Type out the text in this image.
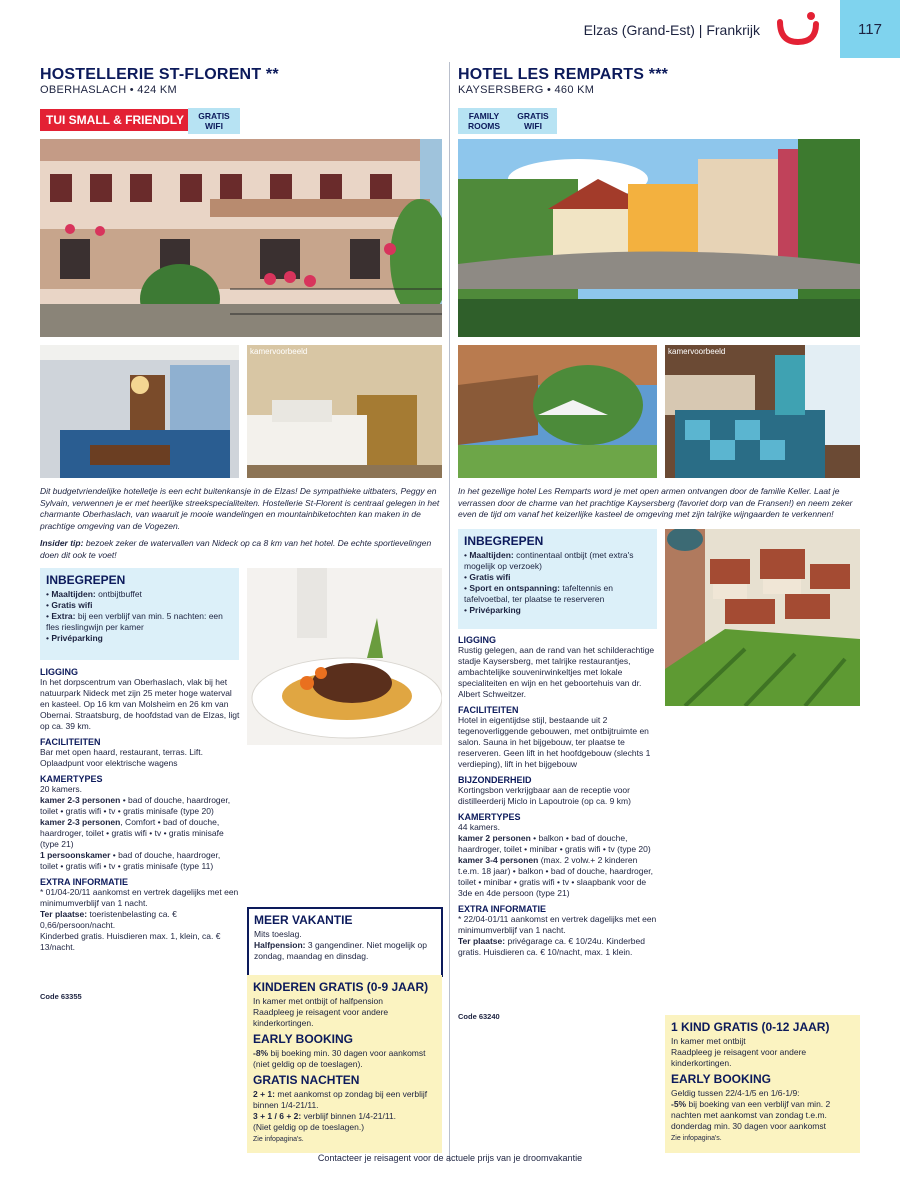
Elzas (Grand-Est) | Frankrijk	117
HOSTELLERIE ST-FLORENT **
OBERHASLACH • 424 KM
TUI SMALL & FRIENDLY	GRATIS WIFI
kamervoorbeeld
Dit budgetvriendelijke hotelletje is een echt buitenkansje in de Elzas! De sympathieke uitbaters, Peggy en Sylvain, verwennen je er met heerlijke streekspecialiteiten. Hostellerie St-Florent is centraal gelegen in het charmante Oberhaslach, van waaruit je mooie wandelingen en mountainbiketochten kan maken in de prachtige omgeving van de Vogezen.
Insider tip: bezoek zeker de watervallen van Nideck op ca 8 km van het hotel. De echte sportievelingen doen dit ook te voet!
INBEGREPEN
• Maaltijden: ontbijtbuffet
• Gratis wifi
• Extra: bij een verblijf van min. 5 nachten: een fles rieslingwijn per kamer
• Privéparking
LIGGING
In het dorpscentrum van Oberhaslach, vlak bij het natuurpark Nideck met zijn 25 meter hoge waterval en kasteel. Op 16 km van Molsheim en 26 km van Obernai. Straatsburg, de hoofdstad van de Elzas, ligt op ca. 39 km.
FACILITEITEN
Bar met open haard, restaurant, terras. Lift. Oplaadpunt voor elektrische wagens
KAMERTYPES
20 kamers.
kamer 2-3 personen • bad of douche, haardroger, toilet • gratis wifi • tv • gratis minisafe (type 20)
kamer 2-3 personen, Comfort • bad of douche, haardroger, toilet • gratis wifi • tv • gratis minisafe (type 21)
1 persoonskamer • bad of douche, haardroger, toilet • gratis wifi • tv • gratis minisafe (type 11)
EXTRA INFORMATIE
* 01/04-20/11 aankomst en vertrek dagelijks met een minimumverblijf van 1 nacht.
Ter plaatse: toeristenbelasting ca. € 0,66/persoon/nacht.
Kinderbed gratis. Huisdieren max. 1, klein, ca. € 13/nacht.
Code 63355
MEER VAKANTIE
Mits toeslag.
Halfpension: 3 gangendiner. Niet mogelijk op zondag, maandag en dinsdag.
KINDEREN GRATIS (0-9 JAAR)
In kamer met ontbijt of halfpension
Raadpleeg je reisagent voor andere kinderkortingen.
EARLY BOOKING
-8% bij boeking min. 30 dagen voor aankomst (niet geldig op de toeslagen).
GRATIS NACHTEN
2 + 1: met aankomst op zondag bij een verblijf binnen 1/4-21/11.
3 + 1 / 6 + 2: verblijf binnen 1/4-21/11.
(Niet geldig op de toeslagen.)
Zie infopagina's.
HOTEL LES REMPARTS ***
KAYSERSBERG • 460 KM
FAMILY ROOMS
GRATIS WIFI
kamervoorbeeld
In het gezellige hotel Les Remparts word je met open armen ontvangen door de familie Keller. Laat je verrassen door de charme van het prachtige Kaysersberg (favoriet dorp van de Fransen!) en neem zeker even de tijd om vanaf het keizerlijke kasteel de omgeving met zijn talrijke wijngaarden te verkennen!
INBEGREPEN
• Maaltijden: continentaal ontbijt (met extra's mogelijk op verzoek)
• Gratis wifi
• Sport en ontspanning: tafeltennis en tafelvoetbal, ter plaatse te reserveren
• Privéparking
LIGGING
Rustig gelegen, aan de rand van het schilderachtige stadje Kaysersberg, met talrijke restaurantjes, ambachtelijke souvenirwinkeltjes met lokale specialiteiten en wijn en het geboortehuis van dr. Albert Schweitzer.
FACILITEITEN
Hotel in eigentijdse stijl, bestaande uit 2 tegenoverliggende gebouwen, met ontbijtruimte en salon. Sauna in het bijgebouw, ter plaatse te reserveren. Geen lift in het hoofdgebouw (slechts 1 verdieping), lift in het bijgebouw
BIJZONDERHEID
Kortingsbon verkrijgbaar aan de receptie voor distilleerderij Miclo in Lapoutroie (op ca. 9 km)
KAMERTYPES
44 kamers.
kamer 2 personen • balkon • bad of douche, haardroger, toilet • minibar • gratis wifi • tv (type 20)
kamer 3-4 personen (max. 2 volw.+ 2 kinderen t.e.m. 18 jaar) • balkon • bad of douche, haardroger, toilet • minibar • gratis wifi • tv • slaapbank voor de 3de en 4de persoon (type 21)
EXTRA INFORMATIE
* 22/04-01/11 aankomst en vertrek dagelijks met een minimumverblijf van 1 nacht.
Ter plaatse: privégarage ca. € 10/24u. Kinderbed gratis. Huisdieren ca. € 10/nacht, max. 1 klein.
Code 63240
1 KIND GRATIS (0-12 JAAR)
In kamer met ontbijt
Raadpleeg je reisagent voor andere kinderkortingen.
EARLY BOOKING
Geldig tussen 22/4-1/5 en 1/6-1/9:
-5% bij boeking van een verblijf van min. 2 nachten met aankomst van zondag t.e.m. donderdag min. 30 dagen voor aankomst
Zie infopagina's.
Contacteer je reisagent voor de actuele prijs van je droomvakantie
